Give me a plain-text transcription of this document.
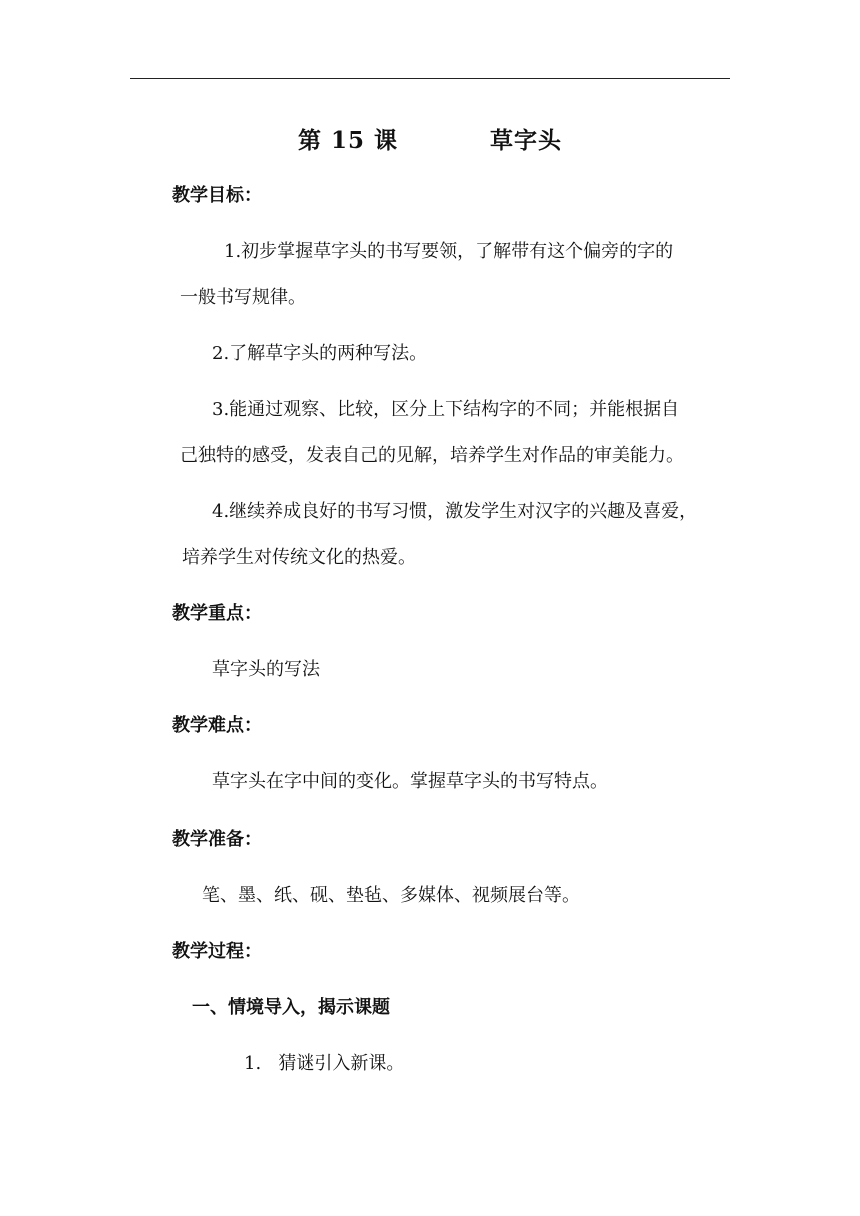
第 15 课	草字头
教学目标：
1.初步掌握草字头的书写要领，了解带有这个偏旁的字的
一般书写规律。
2.了解草字头的两种写法。
3.能通过观察、比较，区分上下结构字的不同；并能根据自
己独特的感受，发表自己的见解，培养学生对作品的审美能力。
4.继续养成良好的书写习惯，激发学生对汉字的兴趣及喜爱，
培养学生对传统文化的热爱。
教学重点：
草字头的写法
教学难点：
草字头在字中间的变化。掌握草字头的书写特点。
教学准备：
笔、墨、纸、砚、垫毡、多媒体、视频展台等。
教学过程：
一、情境导入，揭示课题
1.   猜谜引入新课。
